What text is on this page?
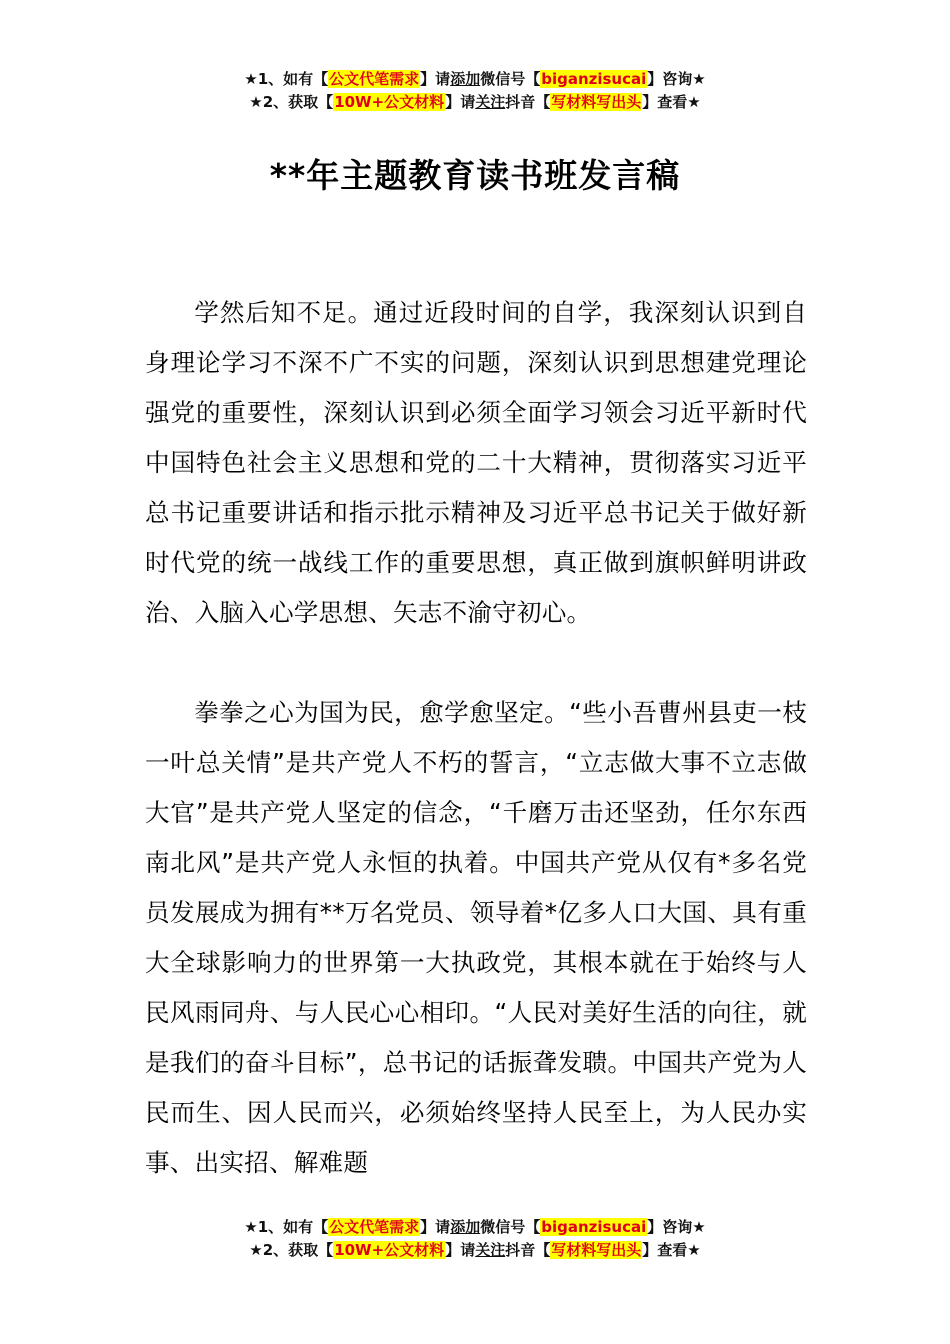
★1、如有【公文代笔需求】请添加微信号【biganzisucai】咨询★
★2、获取【10W+公文材料】请关注抖音【写材料写出头】查看★
**年主题教育读书班发言稿

学然后知不足。通过近段时间的自学，我深刻认识到自身理论学习不深不广不实的问题，深刻认识到思想建党理论强党的重要性，深刻认识到必须全面学习领会习近平新时代中国特色社会主义思想和党的二十大精神，贯彻落实习近平总书记重要讲话和指示批示精神及习近平总书记关于做好新时代党的统一战线工作的重要思想，真正做到旗帜鲜明讲政治、入脑入心学思想、矢志不渝守初心。

拳拳之心为国为民，愈学愈坚定。“些小吾曹州县吏一枝一叶总关情”是共产党人不朽的誓言，“立志做大事不立志做大官”是共产党人坚定的信念，“千磨万击还坚劲，任尔东西南北风”是共产党人永恒的执着。中国共产党从仅有*多名党员发展成为拥有**万名党员、领导着*亿多人口大国、具有重大全球影响力的世界第一大执政党，其根本就在于始终与人民风雨同舟、与人民心心相印。“人民对美好生活的向往，就是我们的奋斗目标”，总书记的话振聋发聩。中国共产党为人民而生、因人民而兴，必须始终坚持人民至上，为人民办实事、出实招、解难题

★1、如有【公文代笔需求】请添加微信号【biganzisucai】咨询★
★2、获取【10W+公文材料】请关注抖音【写材料写出头】查看★
